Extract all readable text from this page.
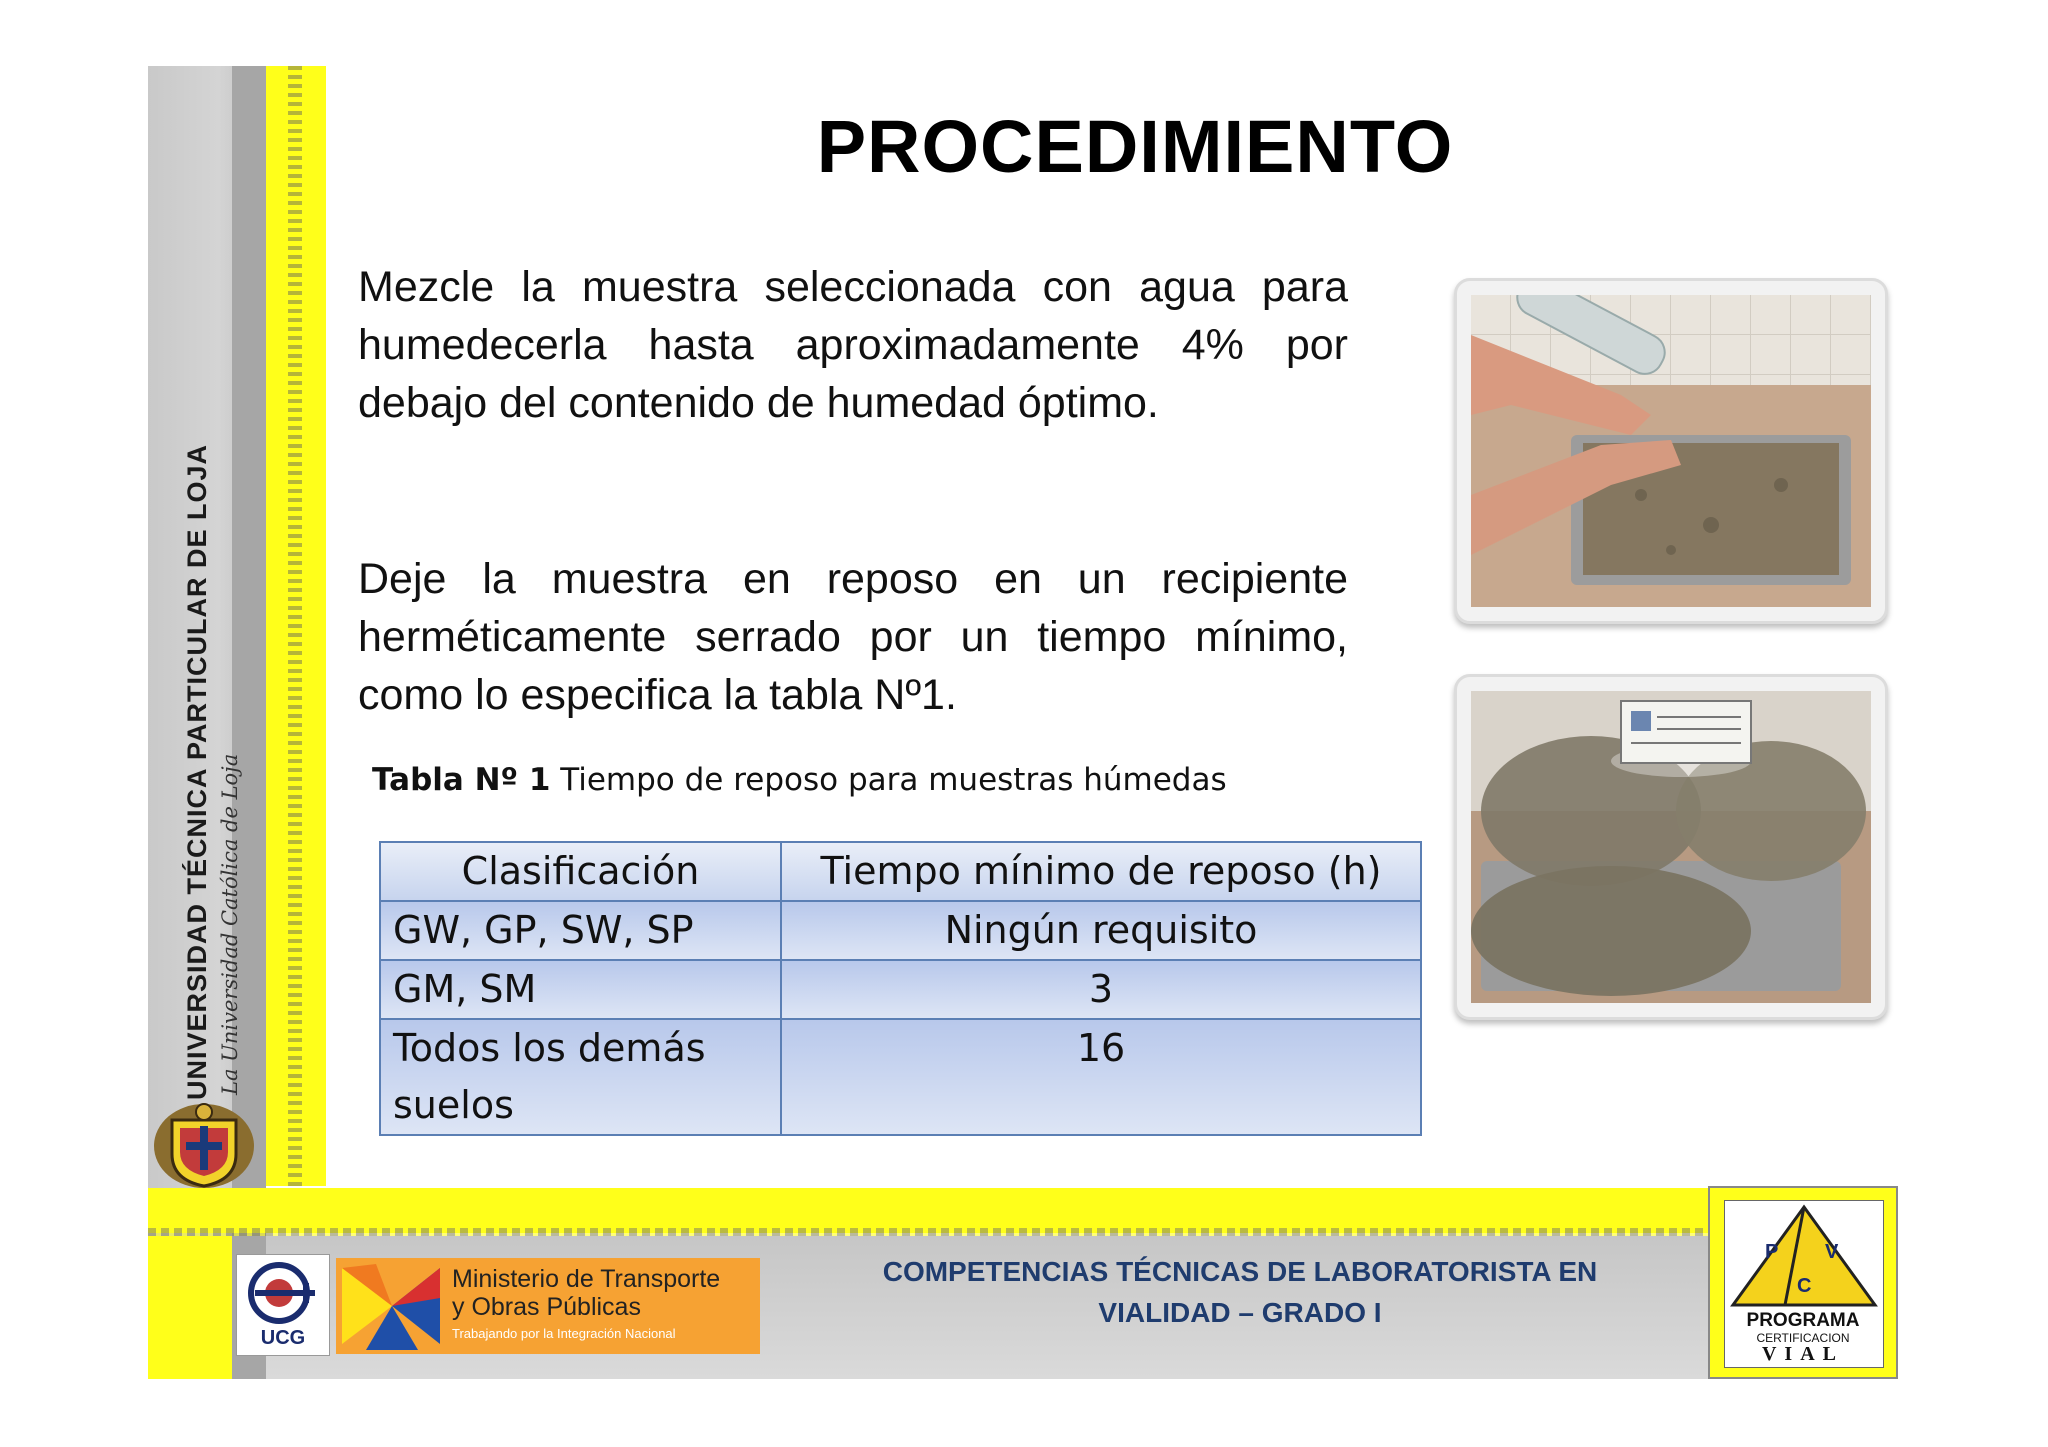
UNIVERSIDAD TÉCNICA PARTICULAR DE LOJA La Universidad Católica de Loja
UCG
Ministerio de Transporte
y Obras Públicas
Trabajando por la Integración Nacional
COMPETENCIAS TÉCNICAS DE LABORATORISTA EN
VIALIDAD – GRADO I
P V
C
PROGRAMA
CERTIFICACION
VIAL
PROCEDIMIENTO
Mezcle la muestra seleccionada con agua para humedecerla hasta aproximadamente 4% por debajo del contenido de humedad óptimo.
Deje la muestra en reposo en un recipiente herméticamente serrado por un tiempo mínimo, como lo especifica la tabla Nº1.
Tabla Nº 1 Tiempo de reposo para muestras húmedas
Clasificación	Tiempo mínimo de reposo (h)
GW, GP, SW, SP	Ningún requisito
GM, SM	3
Todos los demás suelos	16
